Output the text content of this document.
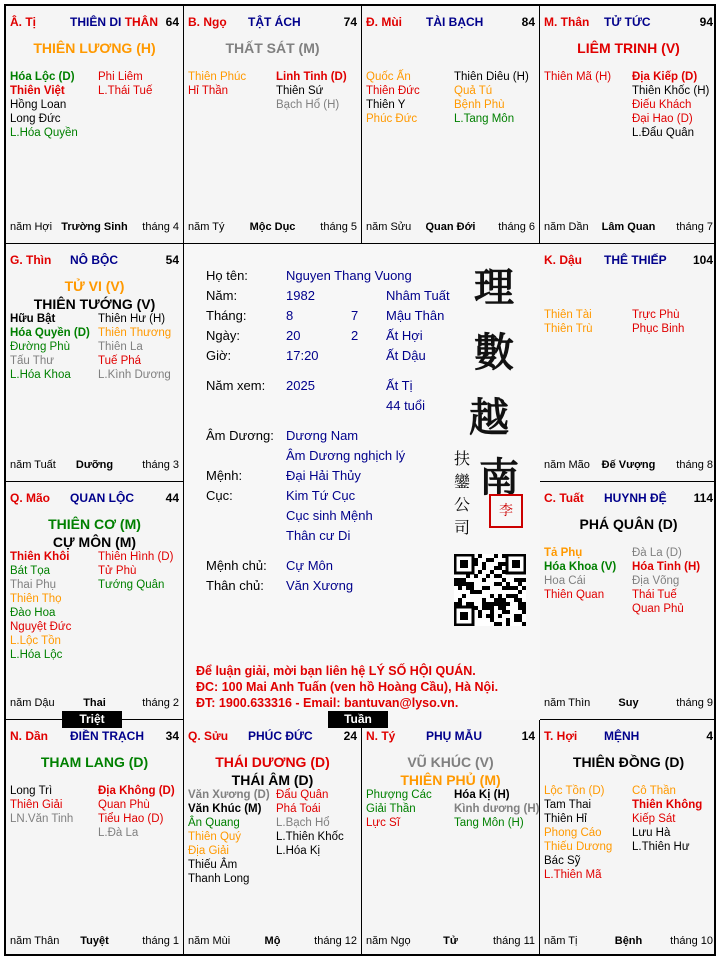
Â. Tị	THIÊN DI THÂN 64
THIÊN LƯƠNG (H)
Hóa Lộc (D)
Thiên Việt
Hồng Loan
Long Đức
L.Hóa Quyền
Phi Liêm
L.Thái Tuế
năm Hợi Trường Sinh	tháng 4
B. Ngọ TẬT ÁCH	74
THẤT SÁT (M)
Thiên Phúc
Hỉ Thần
Linh Tinh (D)
Thiên Sứ
Bạch Hổ (H)
năm Tý	Mộc Dục	tháng 5
Đ. Mùi TÀI BẠCH	84
Quốc Ấn
Thiên Đức
Thiên Y
Phúc Đức
Thiên Diêu (H)
Quả Tú
Bệnh Phù
L.Tang Môn
năm Sửu	Quan Đới	tháng 6
M. Thân TỬ TỨC	94
LIÊM TRINH (V)
Thiên Mã (H) Địa Kiếp (D)
Thiên Khốc (H)
Điếu Khách
Đại Hao (D)
L.Đẩu Quân
năm Dần	Lâm Quan	tháng 7
G. Thìn NÔ BỘC	54
TỬ VI (V)
THIÊN TƯỚNG (V)
Hữu Bật
Hóa Quyền (D)
Đường Phù
Tấu Thư
L.Hóa Khoa
Thiên Hư (H)
Thiên Thương
Thiên La
Tuế Phá
L.Kình Dương
năm Tuất	Dưỡng	tháng 3
K. Dậu THÊ THIẾP 104
Thiên Tài
Thiên Trù
Trực Phù
Phục Binh
năm Mão	Đế Vượng	tháng 8
Q. Mão QUAN LỘC	44
THIÊN CƠ (M)
CỰ MÔN (M)
Thiên Khôi
Bát Tọa
Thai Phụ
Thiên Thọ
Đào Hoa
Nguyệt Đức
L.Lộc Tồn
L.Hóa Lộc
Thiên Hình (D)
Tử Phù
Tướng Quân
năm Dậu	Thai	tháng 2
C. Tuất HUYNH ĐỆ 114
PHÁ QUÂN (D)
Tả Phụ
Hóa Khoa (V)
Hoa Cái
Thiên Quan
Đà La (D)
Hóa Tinh (H)
Địa Võng
Thái Tuế
Quan Phủ
năm Thìn	Suy	tháng 9
N. Dần ĐIỀN TRẠCH 34
THAM LANG (D)
Long Trì
Thiên Giải
LN.Văn Tinh
Địa Không (D)
Quan Phù
Tiểu Hao (D)
L.Đà La
năm Thân	Tuyệt	tháng 1
Q. Sửu PHÚC ĐỨC	24
THÁI DƯƠNG (D)
THÁI ÂM (D)
Văn Xương (D)
Văn Khúc (M)
Ân Quang
Thiên Quý
Địa Giải
Thiếu Âm
Thanh Long
Đẩu Quân
Phá Toái
L.Bạch Hổ
L.Thiên Khốc
L.Hóa Kị
năm Mùi	Mộ	tháng 12
N. Tý	PHỤ MẪU	14
VŨ KHÚC (V)
THIÊN PHỦ (M)
Phượng Các
Giải Thần
Lực Sĩ
Hóa Kị (H)
Kình dương (H)
Tang Môn (H)
năm Ngọ	Tử	tháng 11
T. Hợi MỆNH	4
THIÊN ĐỒNG (D)
Lộc Tồn (D)
Tam Thai
Thiên Hỉ
Phong Cáo
Thiếu Dương
Bác Sỹ
L.Thiên Mã
Cô Thần
Thiên Không
Kiếp Sát
Lưu Hà
L.Thiên Hư
năm Tị	Bệnh	tháng 10
Họ tên:	Nguyen Thang Vuong
Năm:	1982	Nhâm Tuất
Tháng:	8	7 Mậu Thân
Ngày:	20	2 Ất Hợi
Giờ:	17:20	Ất Dậu
Năm xem: 2025	Ất Tị
44 tuổi
Âm Dương: Dương Nam
Âm Dương nghịch lý
Mệnh:	Đại Hải Thủy
Cục:	Kim Tứ Cục
Cục sinh Mệnh
Thân cư Di
Mệnh chủ: Cự Môn
Thân chủ: Văn Xương
理
數
越
南
李
扶
鑾
公
司
Để luận giải, mời bạn liên hệ LÝ SỐ HỘI QUÁN.
ĐC: 100 Mai Anh Tuấn (ven hồ Hoàng Cầu), Hà Nội.
ĐT: 1900.633316 - Email: bantuvan@lyso.vn.
Triệt	Tuần
